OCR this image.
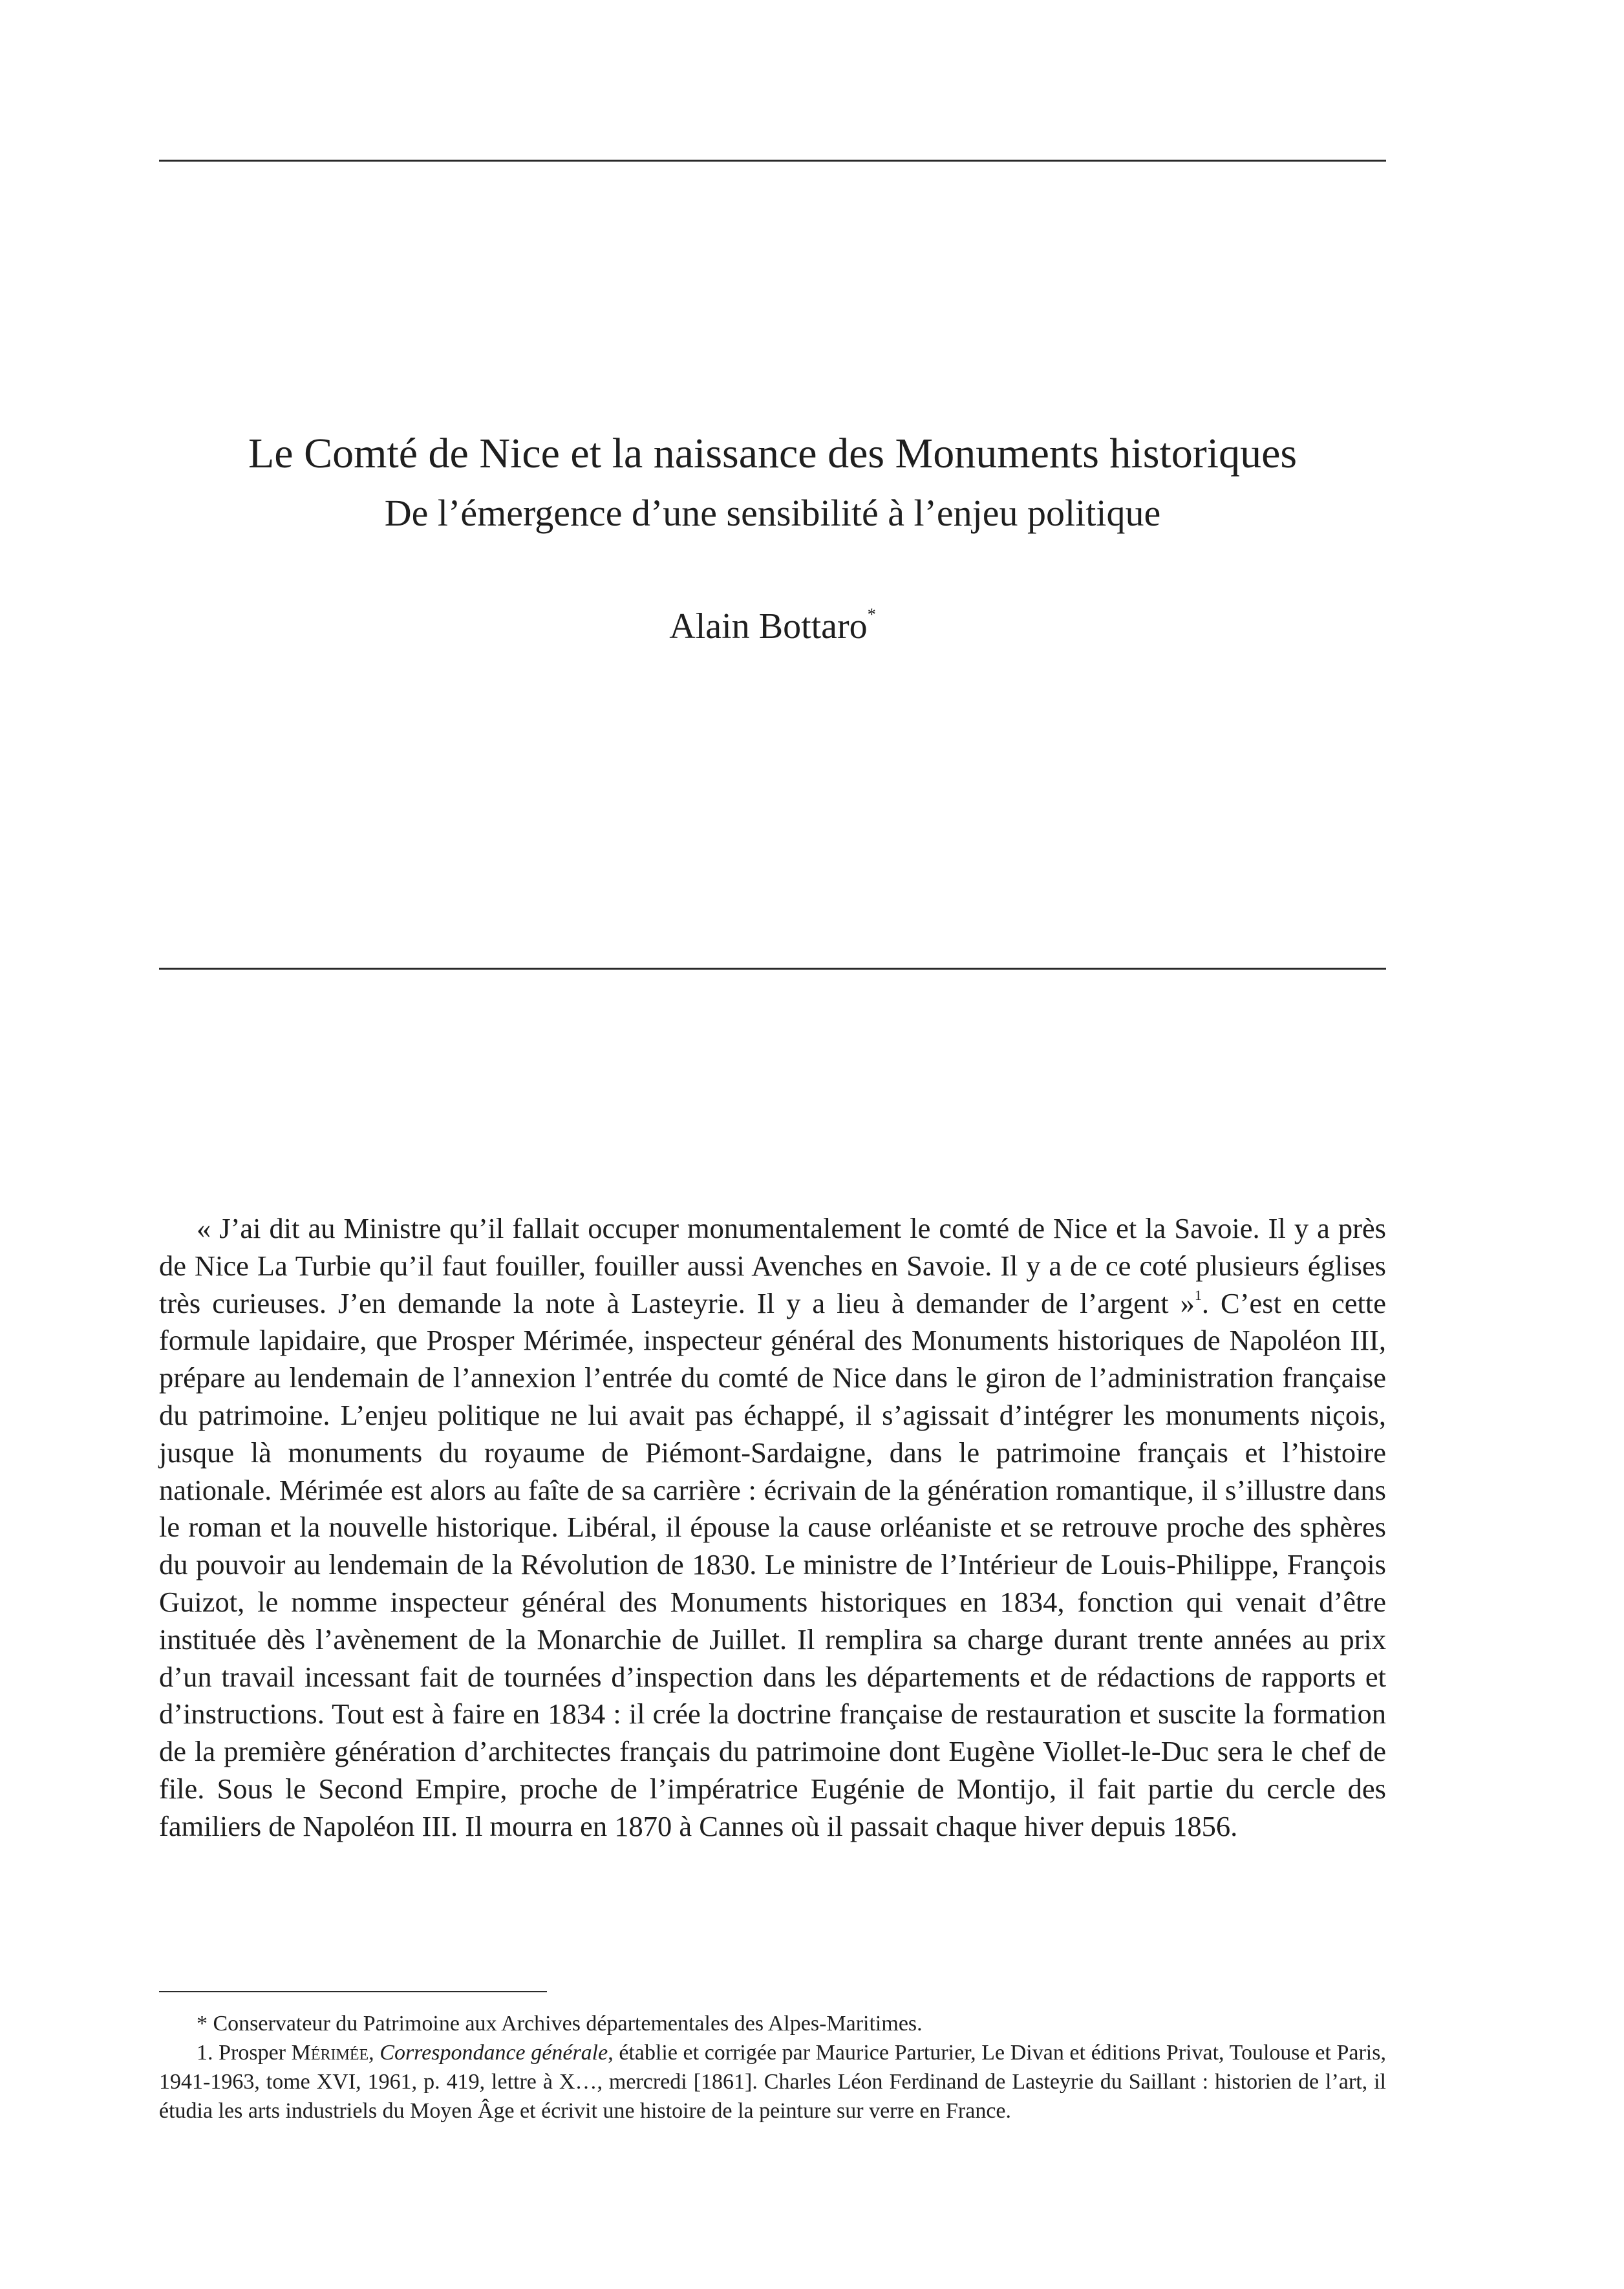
Le Comté de Nice et la naissance des Monuments historiques
De l’émergence d’une sensibilité à l’enjeu politique
Alain Bottaro*

« J’ai dit au Ministre qu’il fallait occuper monumentalement le comté de Nice et la Savoie. Il y a près de Nice La Turbie qu’il faut fouiller, fouiller aussi Avenches en Savoie. Il y a de ce coté plusieurs églises très curieuses. J’en demande la note à Lasteyrie. Il y a lieu à demander de l’argent »$^1$. C’est en cette formule lapidaire, que Prosper Mérimée, inspecteur général des Monuments historiques de Napoléon III, prépare au lendemain de l’annexion l’entrée du comté de Nice dans le giron de l’administration française du patrimoine. L’enjeu politique ne lui avait pas échappé, il s’agissait d’intégrer les monuments niçois, jusque là monuments du royaume de Piémont-Sardaigne, dans le patrimoine français et l’histoire nationale. Mérimée est alors au faîte de sa carrière : écrivain de la génération romantique, il s’illustre dans le roman et la nouvelle historique. Libéral, il épouse la cause orléaniste et se retrouve proche des sphères du pouvoir au lendemain de la Révolution de 1830. Le ministre de l’Intérieur de Louis-Philippe, François Guizot, le nomme inspecteur général des Monuments historiques en 1834, fonction qui venait d’être instituée dès l’avènement de la Monarchie de Juillet. Il remplira sa charge durant trente années au prix d’un travail incessant fait de tournées d’inspection dans les départements et de rédactions de rapports et d’instructions. Tout est à faire en 1834 : il crée la doctrine française de restauration et suscite la formation de la première génération d’architectes français du patrimoine dont Eugène Viollet-le-Duc sera le chef de file. Sous le Second Empire, proche de l’impératrice Eugénie de Montijo, il fait partie du cercle des familiers de Napoléon III. Il mourra en 1870 à Cannes où il passait chaque hiver depuis 1856.

* Conservateur du Patrimoine aux Archives départementales des Alpes-Maritimes.

1. Prosper Mérimée, Correspondance générale, établie et corrigée par Maurice Parturier, Le Divan et éditions Privat, Toulouse et Paris, 1941-1963, tome XVI, 1961, p. 419, lettre à X…, mercredi [1861]. Charles Léon Ferdinand de Lasteyrie du Saillant : historien de l’art, il étudia les arts industriels du Moyen Âge et écrivit une histoire de la peinture sur verre en France.
